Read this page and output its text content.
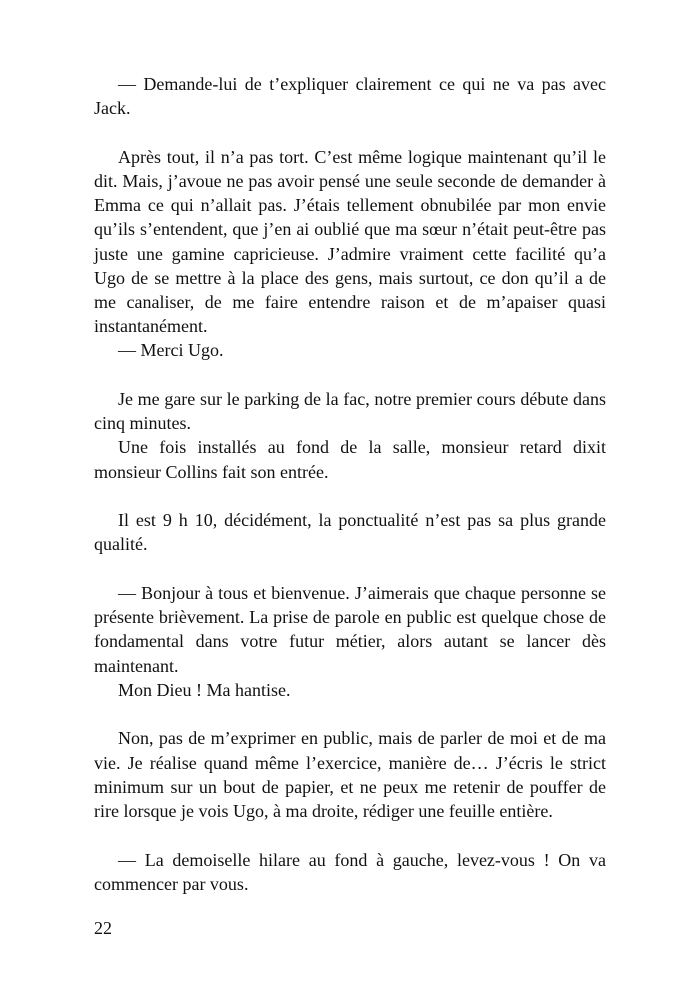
— Demande-lui de t’expliquer clairement ce qui ne va pas avec Jack.

Après tout, il n’a pas tort. C’est même logique maintenant qu’il le dit. Mais, j’avoue ne pas avoir pensé une seule seconde de demander à Emma ce qui n’allait pas. J’étais tellement obnubilée par mon envie qu’ils s’entendent, que j’en ai oublié que ma sœur n’était peut-être pas juste une gamine capricieuse. J’admire vraiment cette facilité qu’a Ugo de se mettre à la place des gens, mais surtout, ce don qu’il a de me canaliser, de me faire entendre raison et de m’apaiser quasi instantanément.

— Merci Ugo.

Je me gare sur le parking de la fac, notre premier cours débute dans cinq minutes.

Une fois installés au fond de la salle, monsieur retard dixit monsieur Collins fait son entrée.

Il est 9 h 10, décidément, la ponctualité n’est pas sa plus grande qualité.

— Bonjour à tous et bienvenue. J’aimerais que chaque personne se présente brièvement. La prise de parole en public est quelque chose de fondamental dans votre futur métier, alors autant se lancer dès maintenant.

Mon Dieu ! Ma hantise.

Non, pas de m’exprimer en public, mais de parler de moi et de ma vie. Je réalise quand même l’exercice, manière de… J’écris le strict minimum sur un bout de papier, et ne peux me retenir de pouffer de rire lorsque je vois Ugo, à ma droite, rédiger une feuille entière.

— La demoiselle hilare au fond à gauche, levez-vous ! On va commencer par vous.

22
